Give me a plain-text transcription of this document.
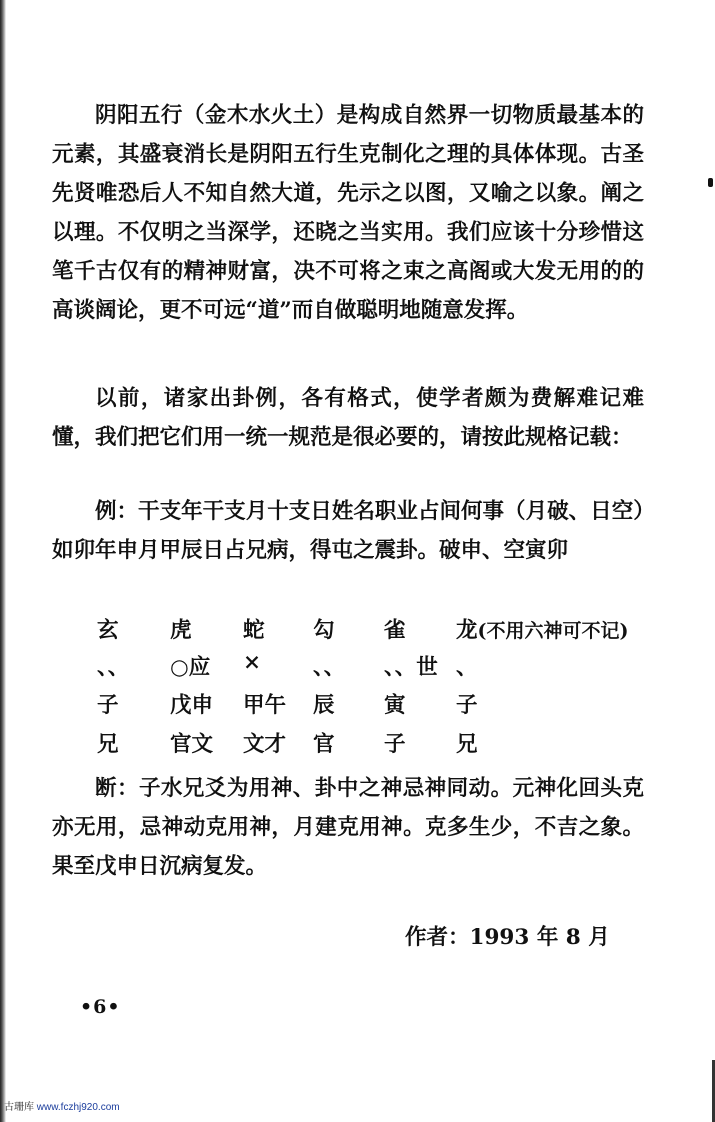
阴阳五行（金木水火土）是构成自然界一切物质最基本的元素，其盛衰消长是阴阳五行生克制化之理的具体体现。古圣先贤唯恐后人不知自然大道，先示之以图，又喻之以象。阐之以理。不仅明之当深学，还晓之当实用。我们应该十分珍惜这笔千古仅有的精神财富，决不可将之束之高阁或大发无用的的高谈阔论，更不可远“道”而自做聪明地随意发挥。

以前，诸家出卦例，各有格式，使学者颇为费解难记难懂，我们把它们用一统一规范是很必要的，请按此规格记载：

例：干支年干支月十支日姓名职业占间何事（月破、日空）如卯年申月甲辰日占兄病，得屯之震卦。破申、空寅卯

玄 虎 蛇 勾 雀 龙(不用六神可不记)
、、 ○应 × 、、 、、世 、
子 戊申 甲午 辰 寅 子
兄 官文 文才 官 子 兄

断：子水兄爻为用神、卦中之神忌神同动。元神化回头克亦无用，忌神动克用神，月建克用神。克多生少，不吉之象。果至戊申日沉病复发。

作者：1993 年 8 月
•6•
古珊库 www.fczhj920.com
